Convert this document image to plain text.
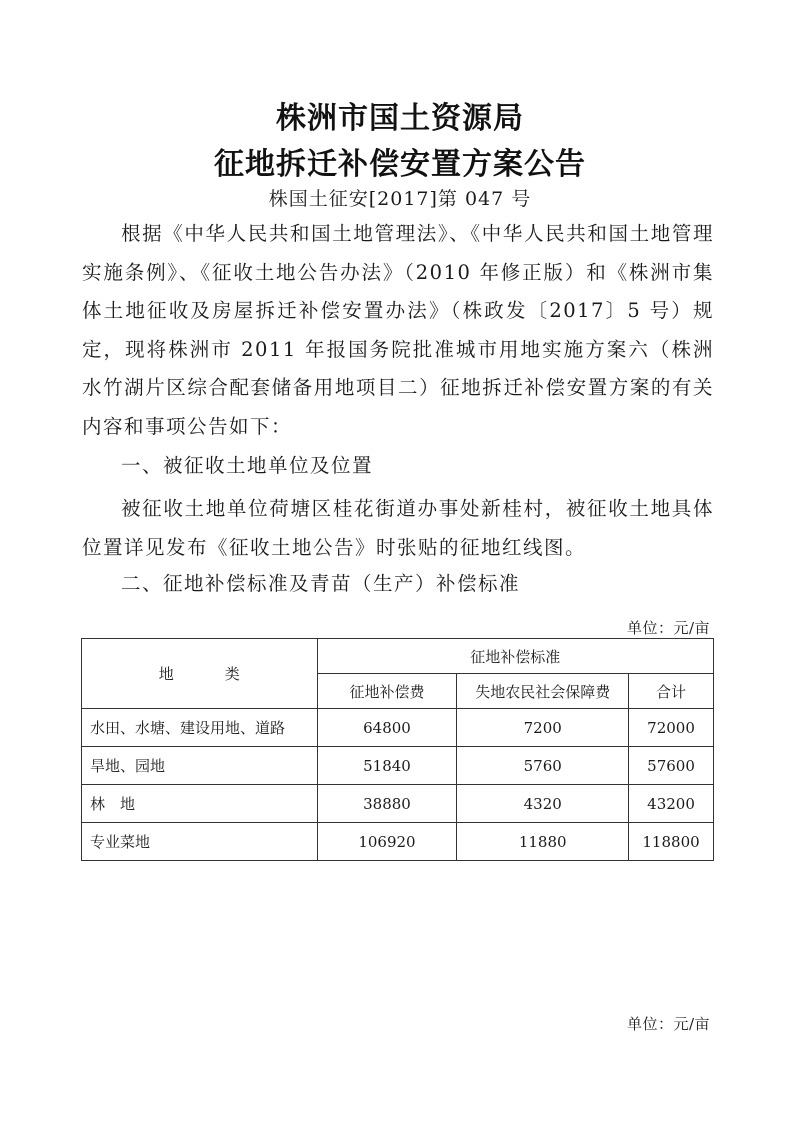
株洲市国土资源局
征地拆迁补偿安置方案公告
株国土征安[2017]第 047 号

根据《中华人民共和国土地管理法》、《中华人民共和国土地管理实施条例》、《征收土地公告办法》（2010 年修正版）和《株洲市集体土地征收及房屋拆迁补偿安置办法》（株政发〔2017〕5 号）规定，现将株洲市 2011 年报国务院批准城市用地实施方案六（株洲水竹湖片区综合配套储备用地项目二）征地拆迁补偿安置方案的有关内容和事项公告如下：

一、被征收土地单位及位置

被征收土地单位荷塘区桂花街道办事处新桂村，被征收土地具体位置详见发布《征收土地公告》时张贴的征地红线图。

二、征地补偿标准及青苗（生产）补偿标准

单位：元/亩
地　类	征地补偿标准		
	征地补偿费	失地农民社会保障费	合计
水田、水塘、建设用地、道路	64800	7200	72000
旱地、园地	51840	5760	57600
林　地	38880	4320	43200
专业菜地	106920	11880	118800
单位：元/亩
